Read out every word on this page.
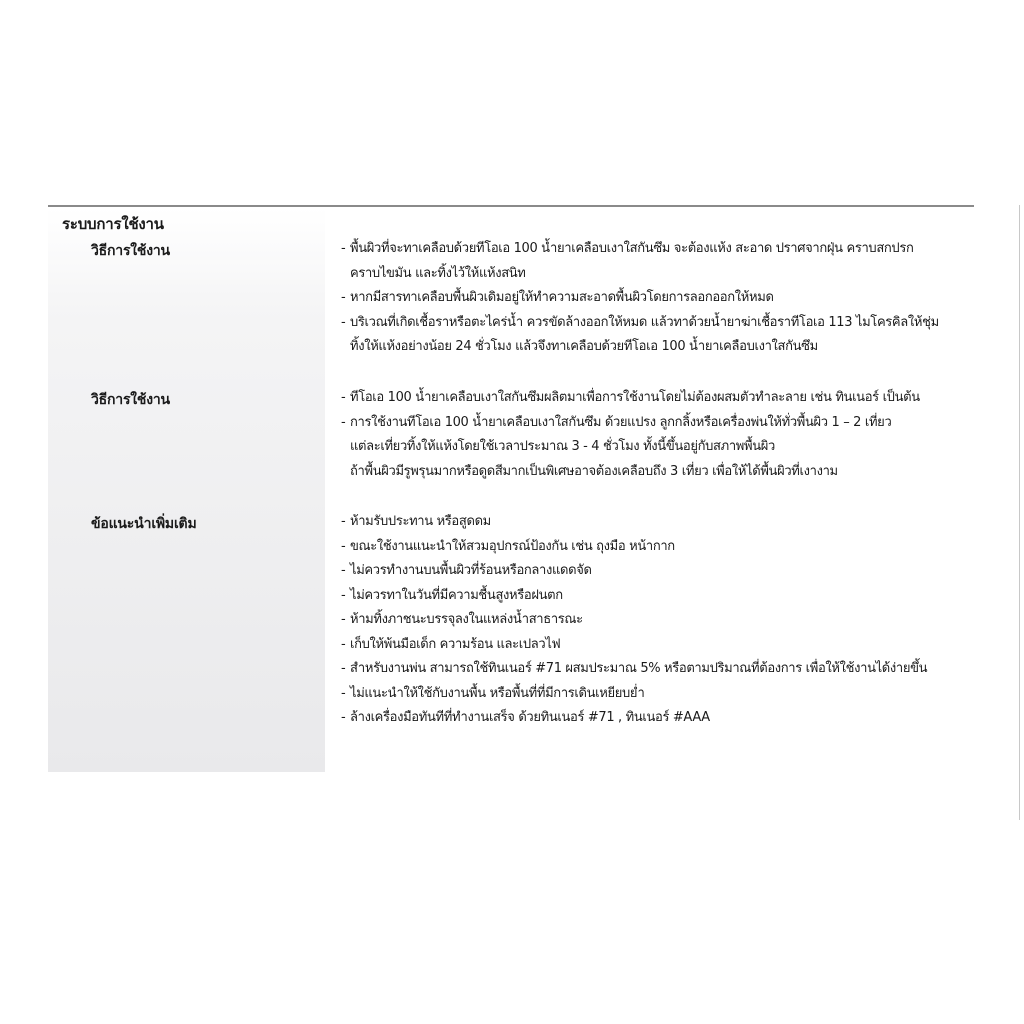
ระบบการใช้งาน
วิธีการใช้งาน	- พื้นผิวที่จะทาเคลือบด้วยทีโอเอ 100 น้ำยาเคลือบเงาใสกันซึม จะต้องแห้ง สะอาด ปราศจากฝุ่น คราบสกปรก
คราบไขมัน และทิ้งไว้ให้แห้งสนิท
- หากมีสารทาเคลือบพื้นผิวเดิมอยู่ให้ทำความสะอาดพื้นผิวโดยการลอกออกให้หมด
- บริเวณที่เกิดเชื้อราหรือตะไคร่น้ำ ควรขัดล้างออกให้หมด แล้วทาด้วยน้ำยาฆ่าเชื้อราทีโอเอ 113 ไมโครคิลให้ชุ่ม
ทิ้งให้แห้งอย่างน้อย 24 ชั่วโมง แล้วจึงทาเคลือบด้วยทีโอเอ 100 น้ำยาเคลือบเงาใสกันซึม
วิธีการใช้งาน	- ทีโอเอ 100 น้ำยาเคลือบเงาใสกันซึมผลิตมาเพื่อการใช้งานโดยไม่ต้องผสมตัวทำละลาย เช่น ทินเนอร์ เป็นต้น
- การใช้งานทีโอเอ 100 น้ำยาเคลือบเงาใสกันซึม ด้วยแปรง ลูกกลิ้งหรือเครื่องพ่นให้ทั่วพื้นผิว 1 – 2 เที่ยว
แต่ละเที่ยวทิ้งให้แห้งโดยใช้เวลาประมาณ 3 - 4 ชั่วโมง ทั้งนี้ขึ้นอยู่กับสภาพพื้นผิว
ถ้าพื้นผิวมีรูพรุนมากหรือดูดสีมากเป็นพิเศษอาจต้องเคลือบถึง 3 เที่ยว เพื่อให้ได้พื้นผิวที่เงางาม
ข้อแนะนำเพิ่มเติม	- ห้ามรับประทาน หรือสูดดม
- ขณะใช้งานแนะนำให้สวมอุปกรณ์ป้องกัน เช่น ถุงมือ หน้ากาก
- ไม่ควรทำงานบนพื้นผิวที่ร้อนหรือกลางแดดจัด
- ไม่ควรทาในวันที่มีความชื้นสูงหรือฝนตก
- ห้ามทิ้งภาชนะบรรจุลงในแหล่งน้ำสาธารณะ
- เก็บให้พ้นมือเด็ก ความร้อน และเปลวไฟ
- สำหรับงานพ่น สามารถใช้ทินเนอร์ #71 ผสมประมาณ 5% หรือตามปริมาณที่ต้องการ เพื่อให้ใช้งานได้ง่ายขึ้น
- ไม่แนะนำให้ใช้กับงานพื้น หรือพื้นที่ที่มีการเดินเหยียบย่ำ
- ล้างเครื่องมือทันทีที่ทำงานเสร็จ ด้วยทินเนอร์ #71 , ทินเนอร์ #AAA
